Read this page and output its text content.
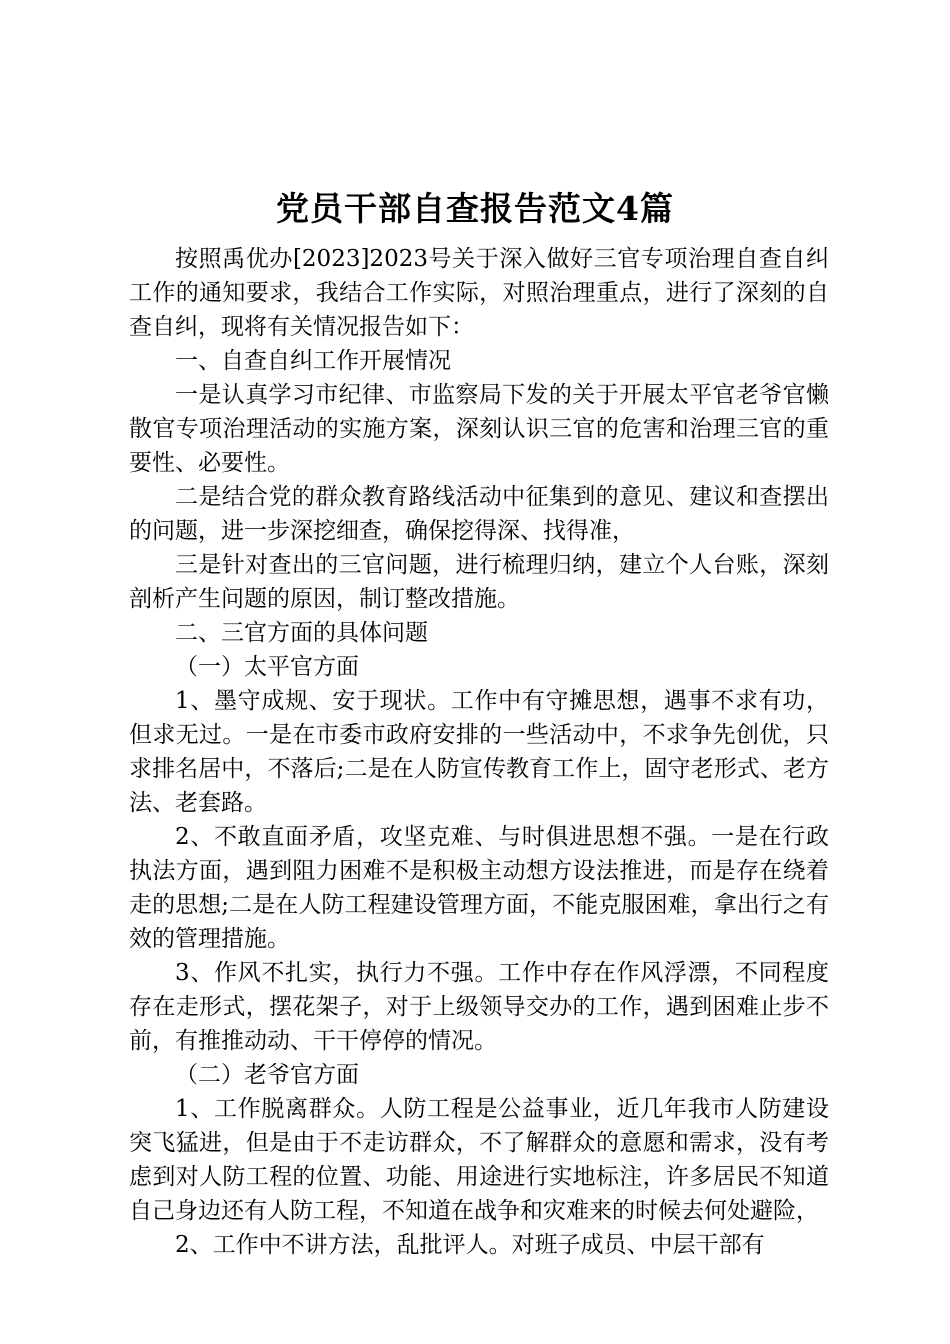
党员干部自查报告范文4篇

按照禹优办[2023]2023号关于深入做好三官专项治理自查自纠工作的通知要求，我结合工作实际，对照治理重点，进行了深刻的自查自纠，现将有关情况报告如下：

一、自查自纠工作开展情况

一是认真学习市纪律、市监察局下发的关于开展太平官老爷官懒散官专项治理活动的实施方案，深刻认识三官的危害和治理三官的重要性、必要性。

二是结合党的群众教育路线活动中征集到的意见、建议和查摆出的问题，进一步深挖细查，确保挖得深、找得准，

三是针对查出的三官问题，进行梳理归纳，建立个人台账，深刻剖析产生问题的原因，制订整改措施。

二、三官方面的具体问题

（一）太平官方面

1、墨守成规、安于现状。工作中有守摊思想，遇事不求有功，但求无过。一是在市委市政府安排的一些活动中，不求争先创优，只求排名居中，不落后;二是在人防宣传教育工作上，固守老形式、老方法、老套路。

2、不敢直面矛盾，攻坚克难、与时俱进思想不强。一是在行政执法方面，遇到阻力困难不是积极主动想方设法推进，而是存在绕着走的思想;二是在人防工程建设管理方面，不能克服困难，拿出行之有效的管理措施。

3、作风不扎实，执行力不强。工作中存在作风浮漂，不同程度存在走形式，摆花架子，对于上级领导交办的工作，遇到困难止步不前，有推推动动、干干停停的情况。

（二）老爷官方面

1、工作脱离群众。人防工程是公益事业，近几年我市人防建设突飞猛进，但是由于不走访群众，不了解群众的意愿和需求，没有考虑到对人防工程的位置、功能、用途进行实地标注，许多居民不知道自己身边还有人防工程，不知道在战争和灾难来的时候去何处避险，

2、工作中不讲方法，乱批评人。对班子成员、中层干部有
